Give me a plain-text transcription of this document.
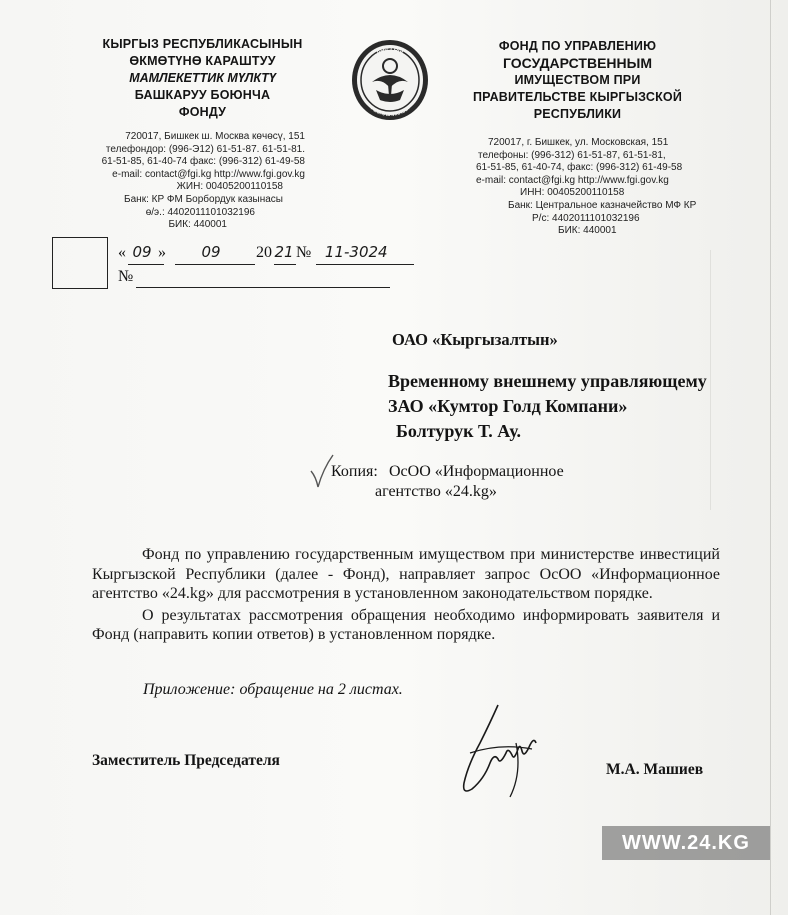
КЫРГЫЗ РЕСПУБЛИКАСЫНЫН
ӨКМӨТҮНӨ КАРАШТУУ
МАМЛЕКЕТТИК МҮЛКТҮ
БАШКАРУУ БОЮНЧА
ФОНДУ
720017, Бишкек ш. Москва көчөсү, 151
телефондор: (996-Э12) 61-51-87. 61-51-81.
61-51-85, 61-40-74 факс: (996-312) 61-49-58
e-mail: contact@fgi.kg http://www.fgi.gov.kg
ЖИН: 00405200110158
Банк: КР ФМ Борбордук казынасы
ө/э.: 4402011101032196
БИК: 440001
КЫРГЫЗ
РЕСПУБЛИКАСЫ
ФОНД ПО УПРАВЛЕНИЮ
ГОСУДАРСТВЕННЫМ
ИМУЩЕСТВОМ ПРИ
ПРАВИТЕЛЬСТВЕ КЫРГЫЗСКОЙ
РЕСПУБЛИКИ
720017, г. Бишкек, ул. Московская, 151
телефоны: (996-312) 61-51-87, 61-51-81,
61-51-85, 61-40-74, факс: (996-312) 61-49-58
e-mail: contact@fgi.kg http://www.fgi.gov.kg
ИНН: 00405200110158
Банк: Центральное казначейство МФ КР
Р/с: 4402011101032196
БИК: 440001
« 09 » 09 20 21 № 11-3024
№
ОАО «Кыргызалтын»
Временному внешнему управляющему
ЗАО «Кумтор Голд Компани»
Болтурук Т. Ау.
Копия: ОсОО «Информационное
агентство «24.kg»

Фонд по управлению государственным имуществом при министерстве инвестиций Кыргызской Республики (далее - Фонд), направляет запрос ОсОО «Информационное агентство «24.kg» для рассмотрения в установленном законодательством порядке.

О результатах рассмотрения обращения необходимо информировать заявителя и Фонд (направить копии ответов) в установленном порядке.

Приложение: обращение на 2 листах.
Заместитель Председателя
М.А. Машиев
WWW.24.KG
